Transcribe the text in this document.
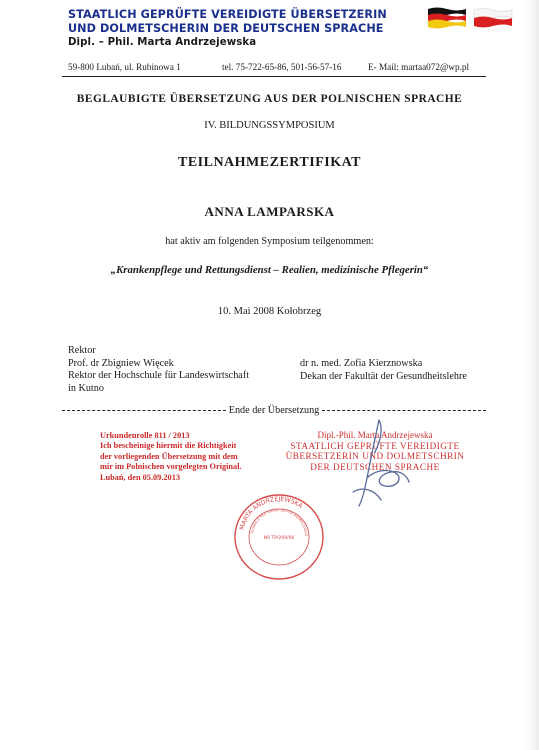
STAATLICH GEPRÜFTE VEREIDIGTE ÜBERSETZERIN
UND DOLMETSCHERIN DER DEUTSCHEN SPRACHE
Dipl. – Phil. Marta Andrzejewska
59-800 Lubań, ul. Rubinowa 1	tel. 75-722-65-86, 501-56-57-16	E- Mail: martaa072@wp.pl
BEGLAUBIGTE ÜBERSETZUNG AUS DER POLNISCHEN SPRACHE
IV. BILDUNGSSYMPOSIUM
TEILNAHMEZERTIFIKAT
ANNA LAMPARSKA
hat aktiv am folgenden Symposium teilgenommen:
„Krankenpflege und Rettungsdienst – Realien, medizinische Pflegerin“
10. Mai 2008 Kołobrzeg
Rektor
Prof. dr Zbigniew Więcek
Rektor der Hochschule für Landeswirtschaft
in Kutno
dr n. med. Zofia Kierznowska
Dekan der Fakultät der Gesundheitslehre
Ende der Übersetzung
Urkundenrolle 811 / 2013
Ich bescheinige hiermit die Richtigkeit
der vorliegenden Übersetzung mit dem
mir im Polnischen vorgelegten Original.
Lubań, den 05.09.2013
Dipl.-Phil. Marta Andrzejewska
STAATLICH GEPRÜFTE VEREIDIGTE
ÜBERSETZERIN UND DOLMETSCHRIN
DER DEUTSCHEN SPRACHE
MARTA ANDRZEJEWSKA
TŁUMACZ PRZYSIĘGŁY JĘZYKA NIEMIECKIEGO
NR TP/209/06
